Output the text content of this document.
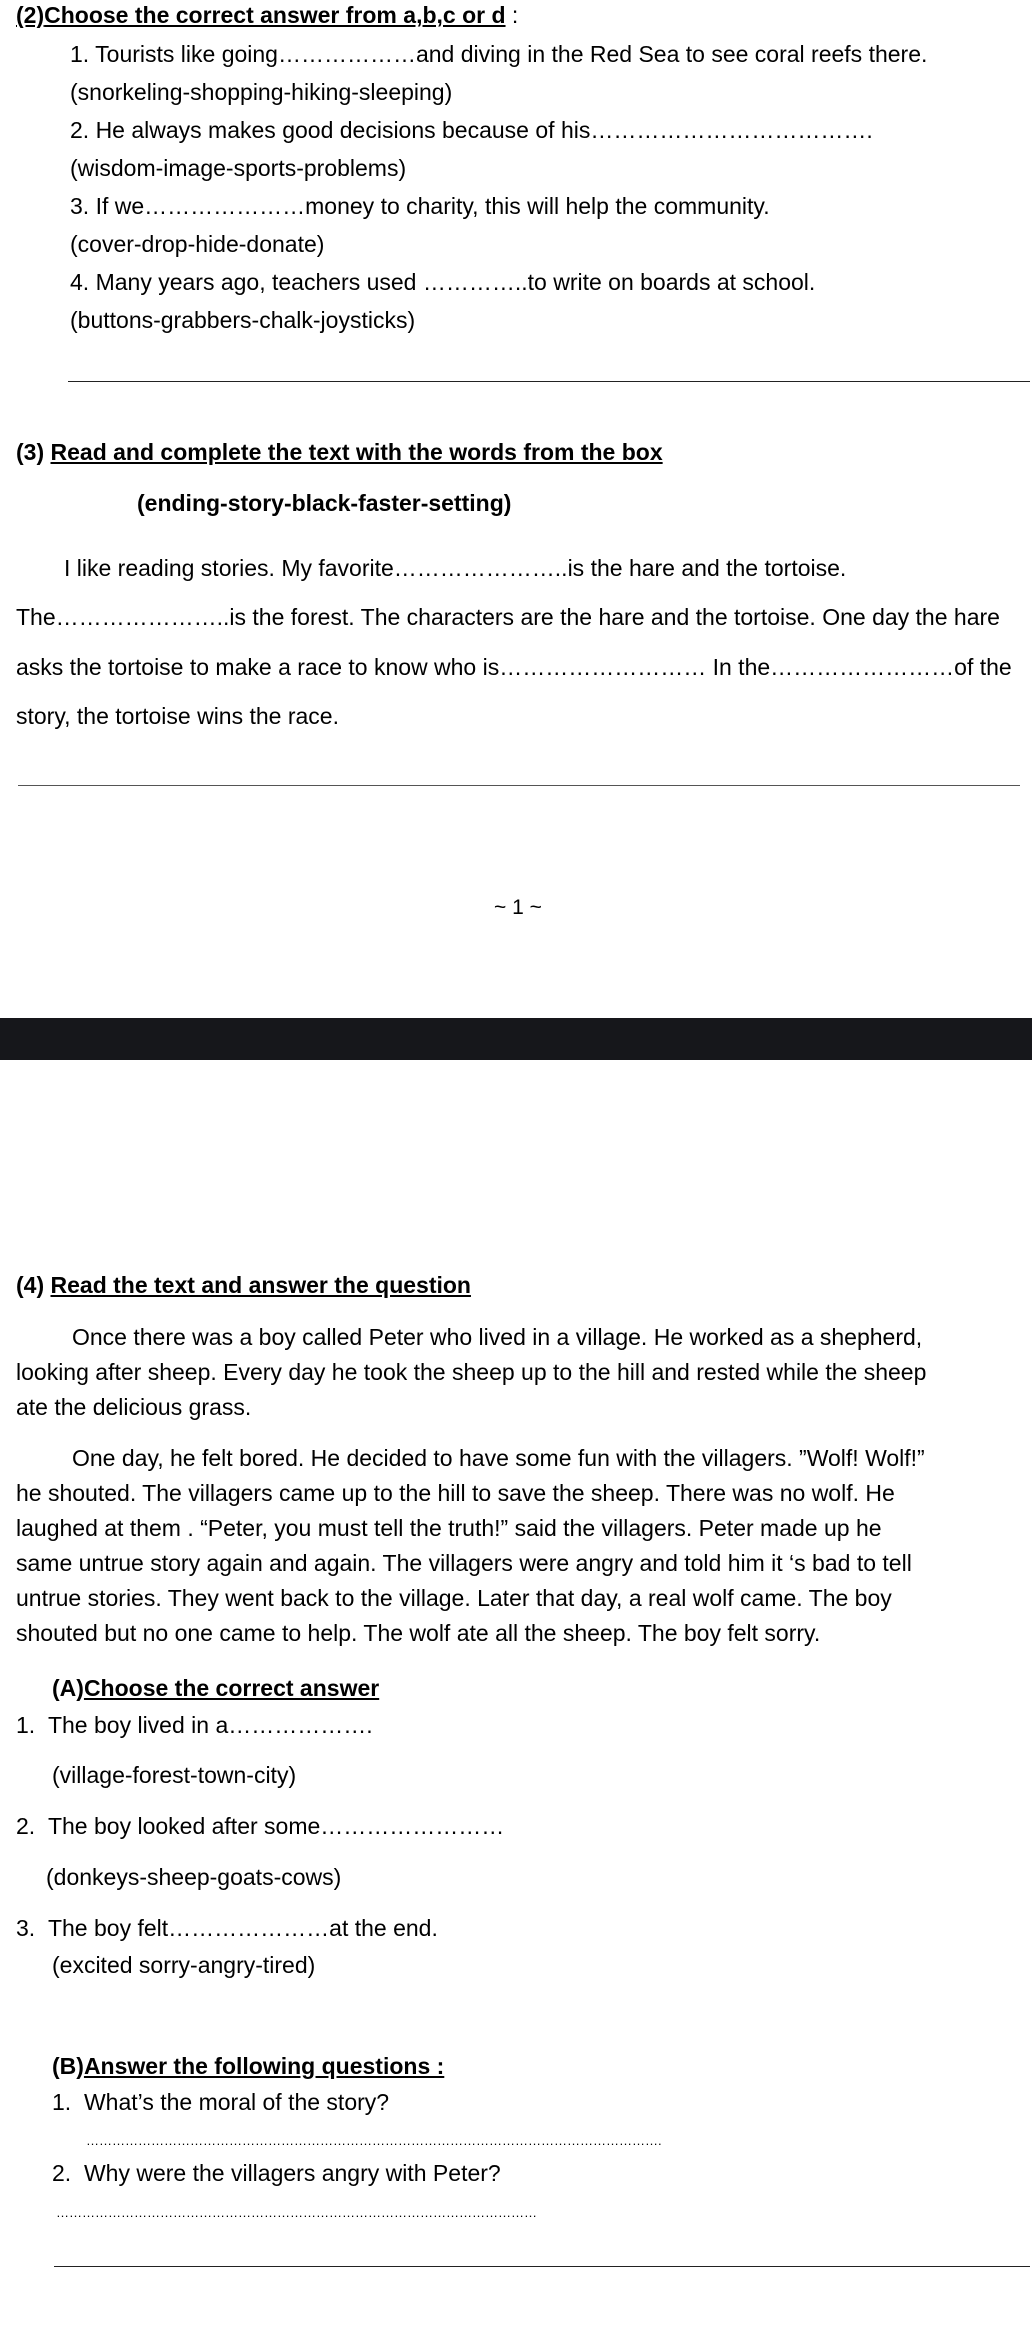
(2)Choose the correct answer from a,b,c or d :
1. Tourists like going………………and diving in the Red Sea to see coral reefs there.
(snorkeling-shopping-hiking-sleeping)
2. He always makes good decisions because of his……………………………….
(wisdom-image-sports-problems)
3. If we…………………money to charity, this will help the community.
(cover-drop-hide-donate)
4. Many years ago, teachers used …………..to write on boards at school.
(buttons-grabbers-chalk-joysticks)
(3) Read and complete the text with the words from the box
(ending-story-black-faster-setting)
I like reading stories. My favorite…………………..is the hare and the tortoise.
The…………………..is the forest. The characters are the hare and the tortoise. One day the hare
asks the tortoise to make a race to know who is……………………… In the……………………of the
story, the tortoise wins the race.
~ 1 ~
(4) Read the text and answer the question
Once there was a boy called Peter who lived in a village. He worked as a shepherd,
looking after sheep. Every day he took the sheep up to the hill and rested while the sheep
ate the delicious grass.
One day, he felt bored. He decided to have some fun with the villagers. ”Wolf! Wolf!”
he shouted. The villagers came up to the hill to save the sheep. There was no wolf. He
laughed at them . “Peter, you must tell the truth!” said the villagers. Peter made up he
same untrue story again and again. The villagers were angry and told him it ‘s bad to tell
untrue stories. They went back to the village. Later that day, a real wolf came. The boy
shouted but no one came to help. The wolf ate all the sheep. The boy felt sorry.
(A)Choose the correct answer
1. The boy lived in a……………….
(village-forest-town-city)
2. The boy looked after some……………………
(donkeys-sheep-goats-cows)
3. The boy felt…………………at the end.
(excited sorry-angry-tired)
(B)Answer the following questions :
1. What’s the moral of the story?
…………………………………………………………………………………………………………………….
2. Why were the villagers angry with Peter?
…………………………………………………………………………………………………
